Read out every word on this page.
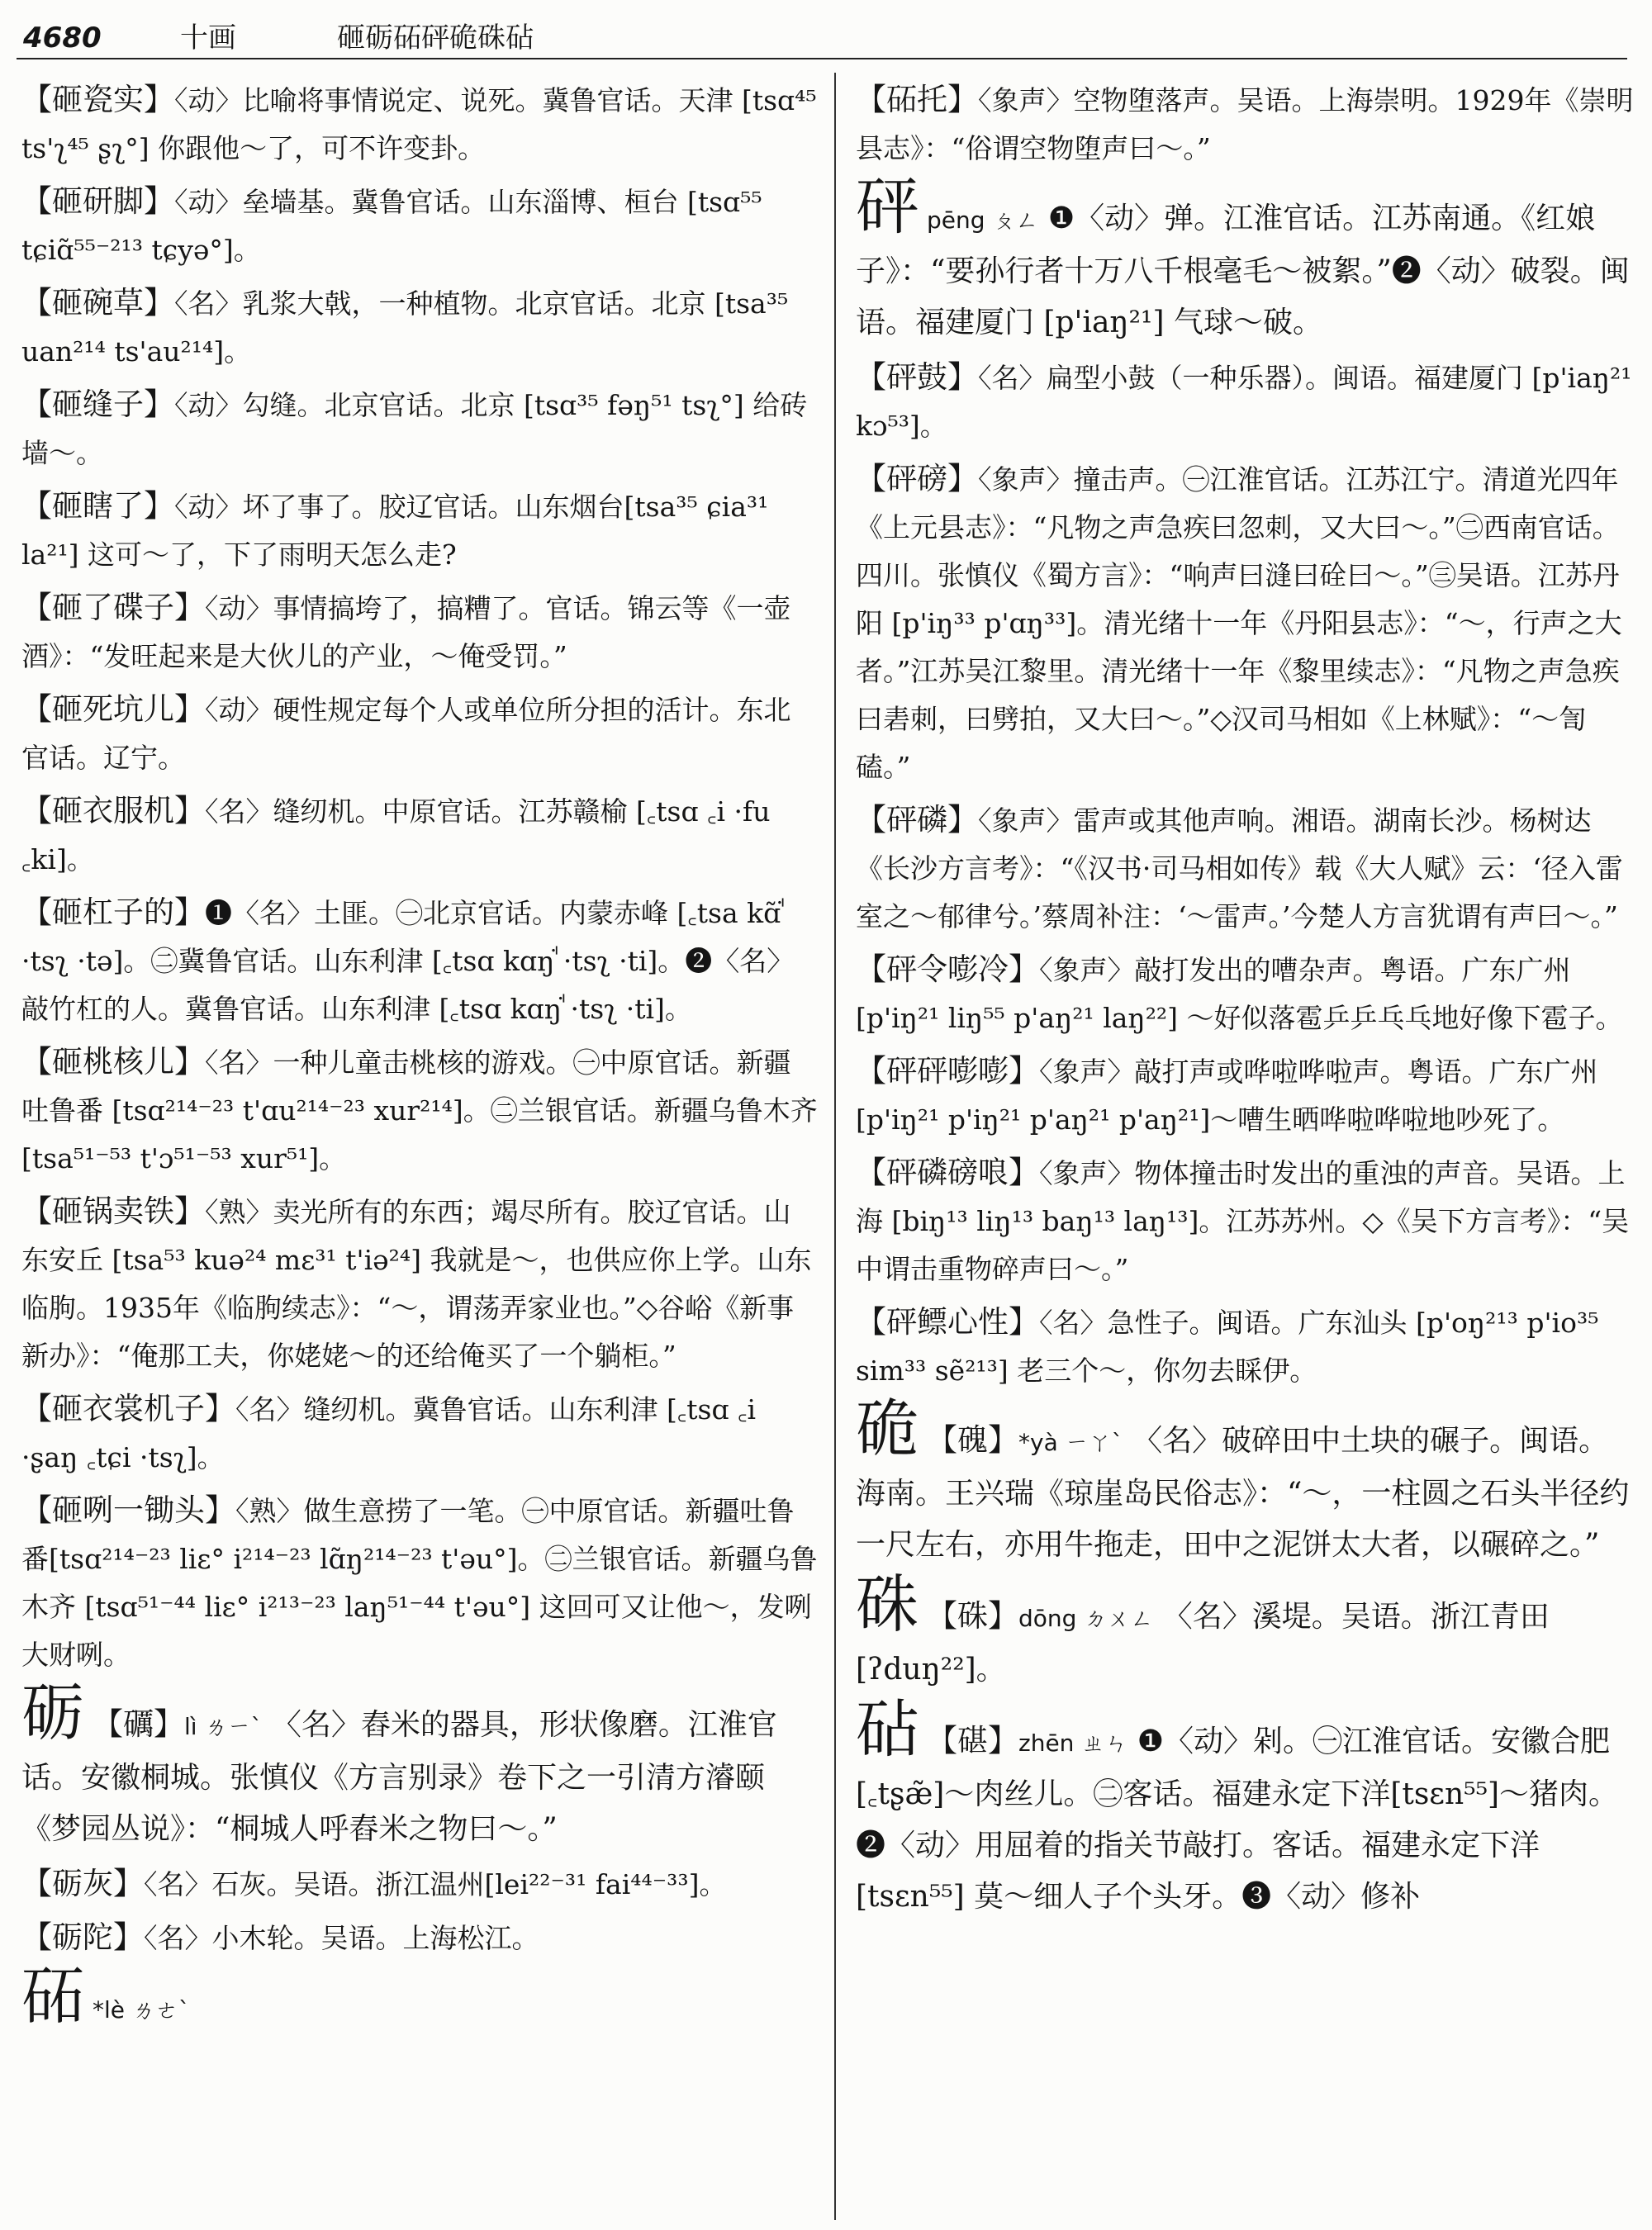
4680	十画	砸砺砳砰硊硃砧
【砸瓷实】〈动〉比喻将事情说定、说死。冀鲁官话。天津 [tsɑ⁴⁵ ts'ʅ⁴⁵ ʂʅ°] 你跟他～了，可不许变卦。
【砸研脚】〈动〉垒墙基。冀鲁官话。山东淄博、桓台 [tsɑ⁵⁵ tɕiɑ̃⁵⁵⁻²¹³ tɕyə°]。
【砸碗草】〈名〉乳浆大戟，一种植物。北京官话。北京 [tsa³⁵ uan²¹⁴ ts'au²¹⁴]。
【砸缝子】〈动〉勾缝。北京官话。北京 [tsɑ³⁵ fəŋ⁵¹ tsʅ°] 给砖墙～。
【砸瞎了】〈动〉坏了事了。胶辽官话。山东烟台[tsa³⁵ ɕia³¹ la²¹] 这可～了，下了雨明天怎么走?
【砸了碟子】〈动〉事情搞垮了，搞糟了。官话。锦云等《一壶酒》：“发旺起来是大伙儿的产业，～俺受罚。”
【砸死坑儿】〈动〉硬性规定每个人或单位所分担的活计。东北官话。辽宁。
【砸衣服机】〈名〉缝纫机。中原官话。江苏赣榆 [꜀tsɑ ꜀i ·fu ꜀ki]。
【砸杠子的】❶〈名〉土匪。㊀北京官话。内蒙赤峰 [꜀tsa kɑ̃ꜗ ·tsʅ ·tə]。㊁冀鲁官话。山东利津 [꜀tsɑ kɑŋꜗ ·tsʅ ·ti]。❷〈名〉敲竹杠的人。冀鲁官话。山东利津 [꜀tsɑ kɑŋꜗ ·tsʅ ·ti]。
【砸桃核儿】〈名〉一种儿童击桃核的游戏。㊀中原官话。新疆吐鲁番 [tsɑ²¹⁴⁻²³ t'ɑu²¹⁴⁻²³ xur²¹⁴]。㊁兰银官话。新疆乌鲁木齐[tsa⁵¹⁻⁵³ t'ɔ⁵¹⁻⁵³ xur⁵¹]。
【砸锅卖铁】〈熟〉卖光所有的东西；竭尽所有。胶辽官话。山东安丘 [tsa⁵³ kuə²⁴ mɛ³¹ t'iə²⁴] 我就是～，也供应你上学。山东临朐。1935年《临朐续志》：“～，谓荡弄家业也。”◇谷峪《新事新办》：“俺那工夫，你姥姥～的还给俺买了一个躺柜。”
【砸衣裳机子】〈名〉缝纫机。冀鲁官话。山东利津 [꜀tsɑ ꜀i ·ʂaŋ ꜀tɕi ·tsʅ]。
【砸咧一锄头】〈熟〉做生意捞了一笔。㊀中原官话。新疆吐鲁番[tsɑ²¹⁴⁻²³ liɛ° i²¹⁴⁻²³ lɑ̃ŋ²¹⁴⁻²³ t'əu°]。㊁兰银官话。新疆乌鲁木齐 [tsɑ⁵¹⁻⁴⁴ liɛ° i²¹³⁻²³ laŋ⁵¹⁻⁴⁴ t'əu°] 这回可又让他～，发咧大财咧。
砺 【礪】lì ㄌㄧˋ 〈名〉舂米的器具，形状像磨。江淮官话。安徽桐城。张慎仪《方言别录》卷下之一引清方濬颐《梦园丛说》：“桐城人呼舂米之物曰～。”
【砺灰】〈名〉石灰。吴语。浙江温州[lei²²⁻³¹ fai⁴⁴⁻³³]。
【砺陀】〈名〉小木轮。吴语。上海松江。
砳 *lè ㄌㄜˋ
【砳托】〈象声〉空物堕落声。吴语。上海崇明。1929年《崇明县志》：“俗谓空物堕声曰～。”
砰pēng ㄆㄥ ❶〈动〉弹。江淮官话。江苏南通。《红娘子》：“要孙行者十万八千根毫毛～被絮。”❷〈动〉破裂。闽语。福建厦门 [p'iaŋ²¹] 气球～破。
【砰鼓】〈名〉扁型小鼓（一种乐器）。闽语。福建厦门 [p'iaŋ²¹ kɔ⁵³]。
【砰磅】〈象声〉撞击声。㊀江淮官话。江苏江宁。清道光四年《上元县志》：“凡物之声急疾曰忽刺，又大曰～。”㊁西南官话。四川。张慎仪《蜀方言》：“响声曰漨曰硂曰～。”㊂吴语。江苏丹阳 [p'iŋ³³ p'ɑŋ³³]。清光绪十一年《丹阳县志》：“～，行声之大者。”江苏吴江黎里。清光绪十一年《黎里续志》：“凡物之声急疾曰砉刺，曰劈拍，又大曰～。”◇汉司马相如《上林赋》：“～訇磕。”
【砰磷】〈象声〉雷声或其他声响。湘语。湖南长沙。杨树达《长沙方言考》：“《汉书·司马相如传》载《大人赋》云：‘径入雷室之～郁律兮。’蔡周补注：‘～雷声。’今楚人方言犹谓有声曰～。”
【砰令嘭冷】〈象声〉敲打发出的嘈杂声。粤语。广东广州 [p'iŋ²¹ liŋ⁵⁵ p'aŋ²¹ laŋ²²] ～好似落雹乒乒乓乓地好像下雹子。
【砰砰嘭嘭】〈象声〉敲打声或哗啦哗啦声。粤语。广东广州 [p'iŋ²¹ p'iŋ²¹ p'aŋ²¹ p'aŋ²¹]～嘈生晒哗啦哗啦地吵死了。
【砰磷磅哴】〈象声〉物体撞击时发出的重浊的声音。吴语。上海 [biŋ¹³ liŋ¹³ baŋ¹³ laŋ¹³]。江苏苏州。◇《吴下方言考》：“吴中谓击重物碎声曰～。”
【砰鳔心性】〈名〉急性子。闽语。广东汕头 [p'oŋ²¹³ p'io³⁵ sim³³ sẽ²¹³] 老三个～，你勿去睬伊。
硊 【磈】*yà ㄧㄚˋ 〈名〉破碎田中土块的碾子。闽语。海南。王兴瑞《琼崖岛民俗志》：“～，一柱圆之石头半径约一尺左右，亦用牛拖走，田中之泥饼太大者，以碾碎之。”
硃 【硃】dōng ㄉㄨㄥ 〈名〉溪堤。吴语。浙江青田 [ʔduŋ²²]。
砧 【碪】zhēn ㄓㄣ ❶〈动〉剁。㊀江淮官话。安徽合肥[꜀tʂæ̃]～肉丝儿。㊁客话。福建永定下洋[tsɛn⁵⁵]～猪肉。❷〈动〉用屈着的指关节敲打。客话。福建永定下洋 [tsɛn⁵⁵] 莫～细人子个头牙。❸〈动〉修补
